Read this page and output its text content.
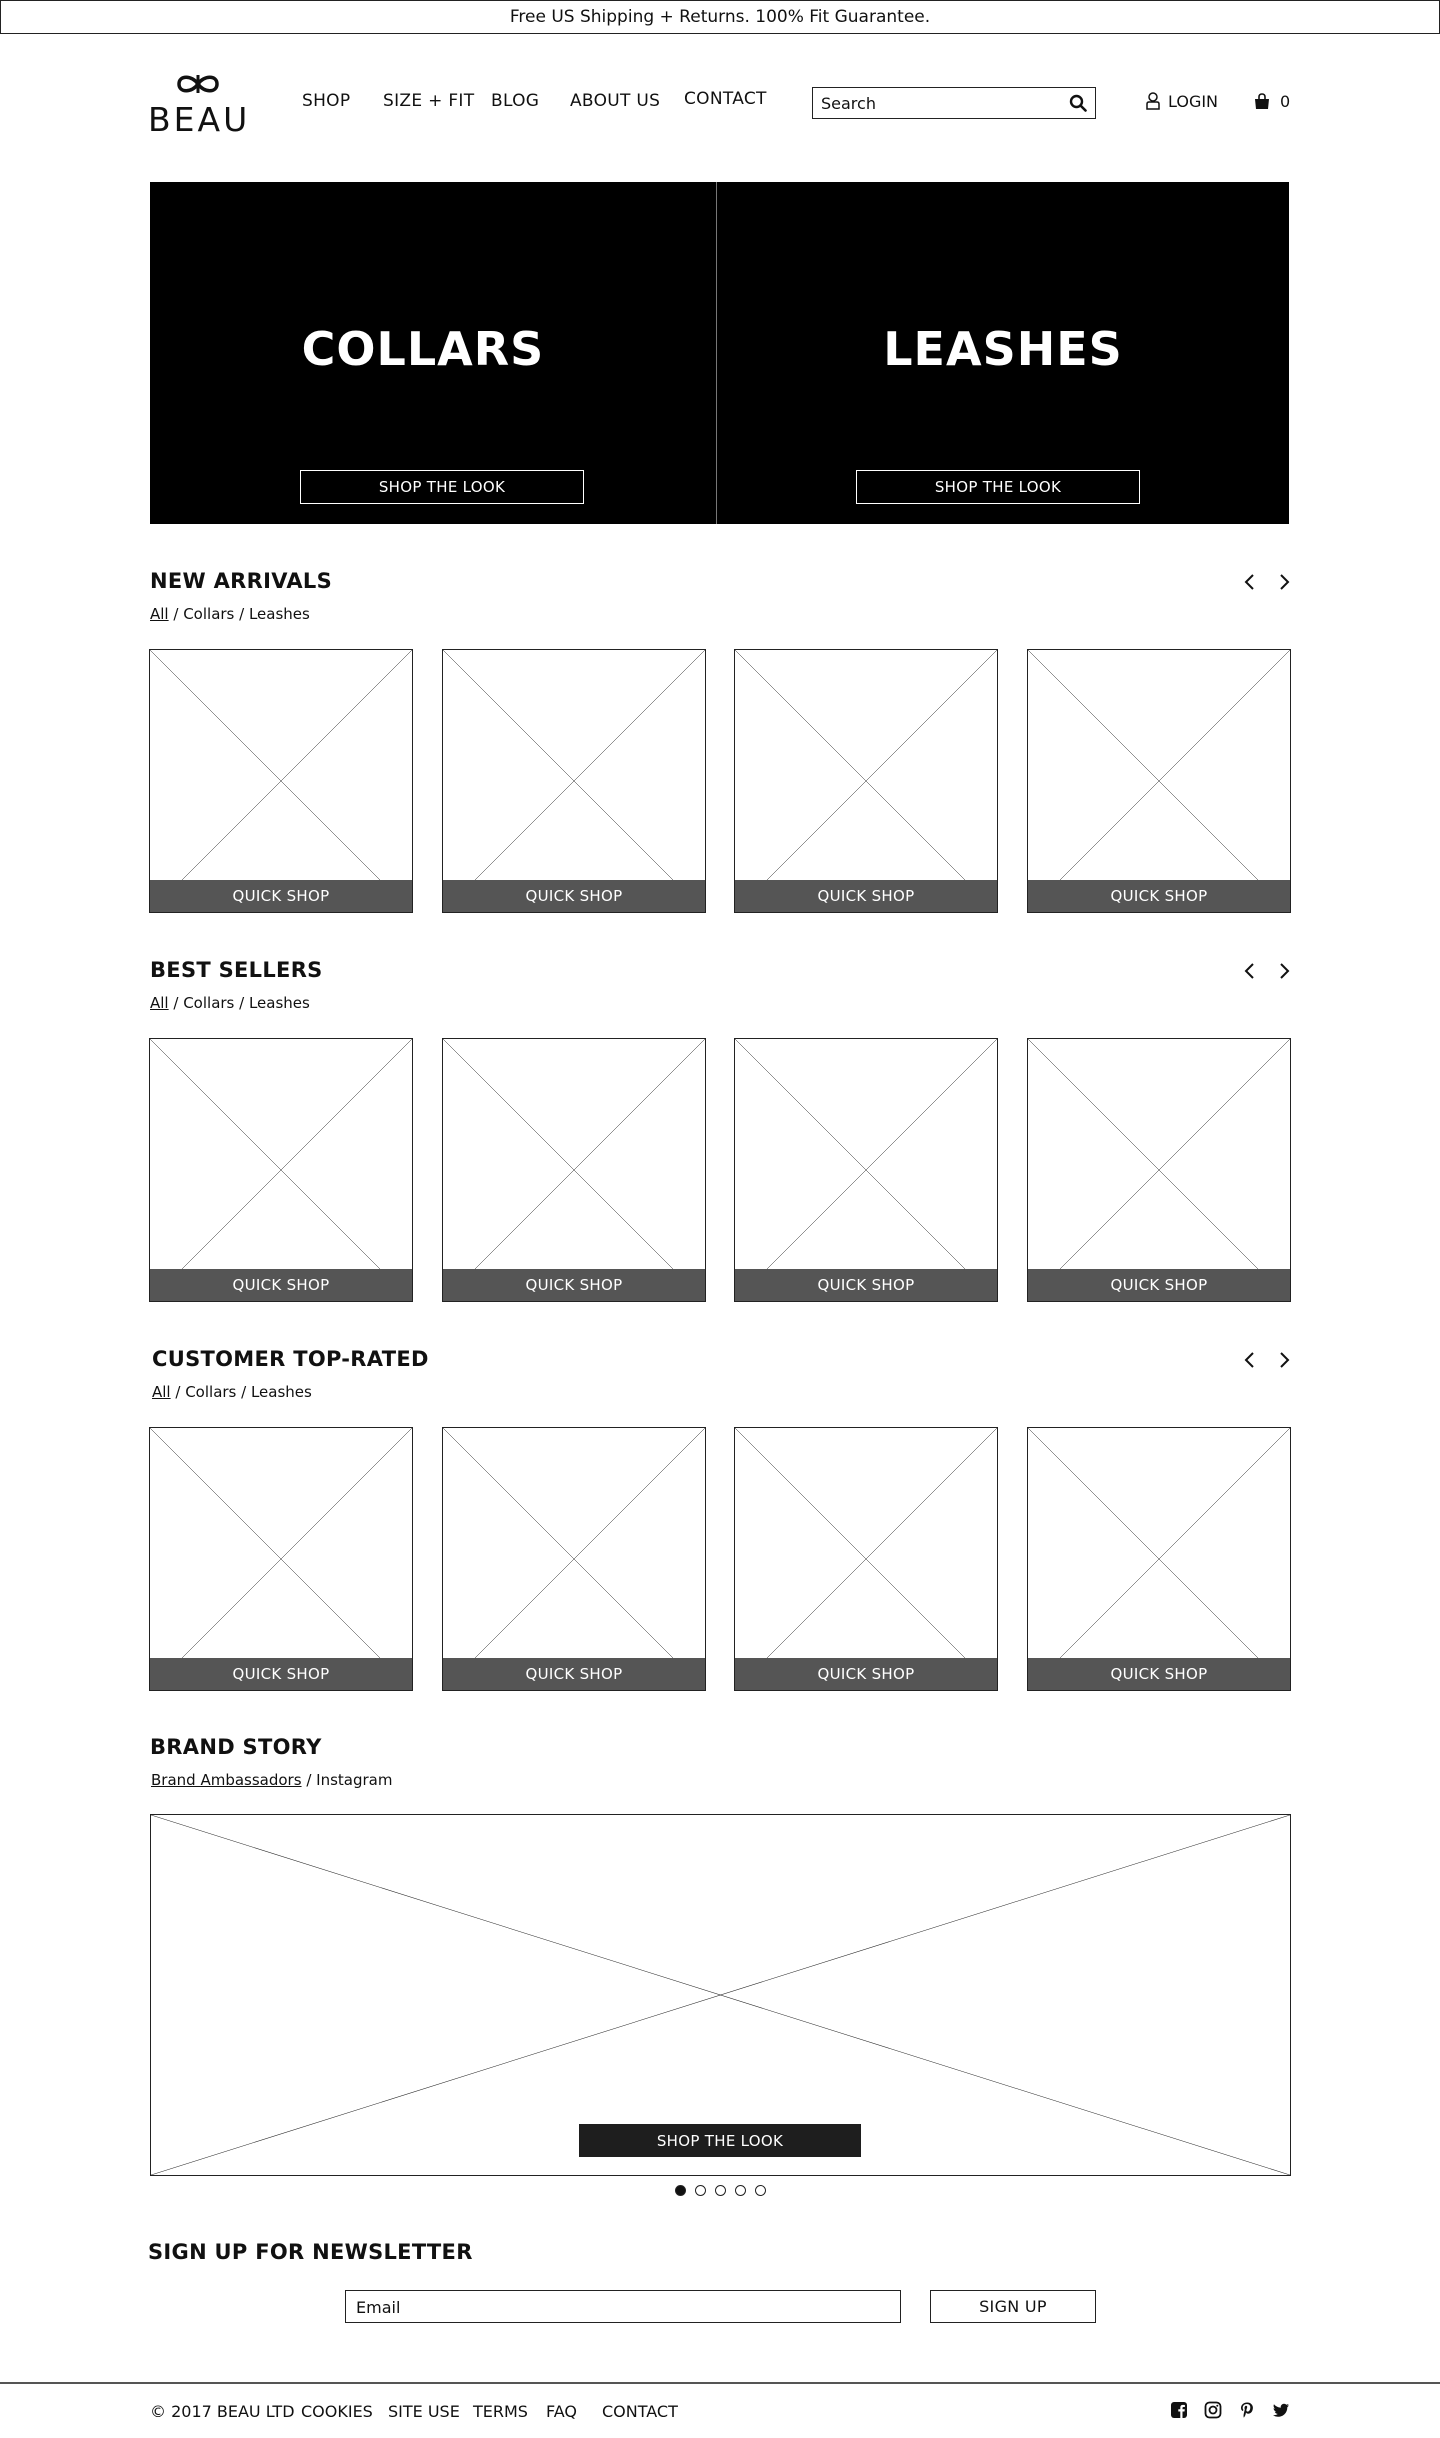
Free US Shipping + Returns. 100% Fit Guarantee.
BEAU	SHOP SIZE + FIT BLOG ABOUT US CONTACT
Search	LOGIN	0
COLLARS
SHOP THE LOOK
LEASHES
SHOP THE LOOK
NEW ARRIVALS
All / Collars / Leashes
QUICK SHOP	QUICK SHOP	QUICK SHOP	QUICK SHOP
BEST SELLERS
All / Collars / Leashes
QUICK SHOP	QUICK SHOP	QUICK SHOP	QUICK SHOP
CUSTOMER TOP-RATED
All / Collars / Leashes
QUICK SHOP	QUICK SHOP	QUICK SHOP	QUICK SHOP
BRAND STORY
Brand Ambassadors / Instagram
SHOP THE LOOK
SIGN UP FOR NEWSLETTER
Email
SIGN UP
© 2017 BEAU LTD COOKIES SITE USE TERMS FAQ CONTACT
